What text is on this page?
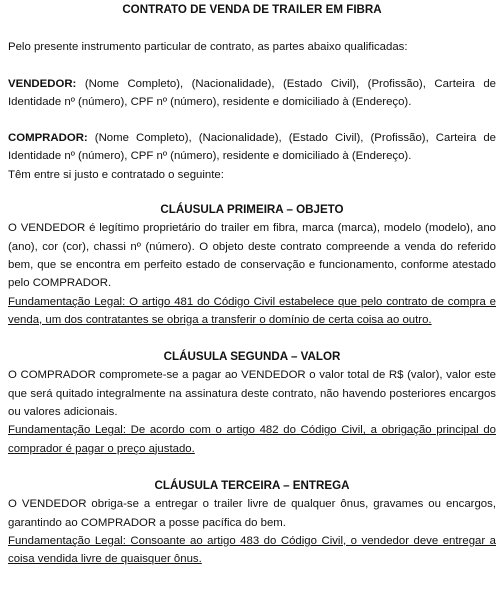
CONTRATO DE VENDA DE TRAILER EM FIBRA

Pelo presente instrumento particular de contrato, as partes abaixo qualificadas:

VENDEDOR: (Nome Completo), (Nacionalidade), (Estado Civil), (Profissão), Carteira de Identidade nº (número), CPF nº (número), residente e domiciliado à (Endereço).

COMPRADOR: (Nome Completo), (Nacionalidade), (Estado Civil), (Profissão), Carteira de Identidade nº (número), CPF nº (número), residente e domiciliado à (Endereço).

Têm entre si justo e contratado o seguinte:

CLÁUSULA PRIMEIRA – OBJETO

O VENDEDOR é legítimo proprietário do trailer em fibra, marca (marca), modelo (modelo), ano (ano), cor (cor), chassi nº (número). O objeto deste contrato compreende a venda do referido bem, que se encontra em perfeito estado de conservação e funcionamento, conforme atestado pelo COMPRADOR.

Fundamentação Legal: O artigo 481 do Código Civil estabelece que pelo contrato de compra e venda, um dos contratantes se obriga a transferir o domínio de certa coisa ao outro.

CLÁUSULA SEGUNDA – VALOR

O COMPRADOR compromete-se a pagar ao VENDEDOR o valor total de R$ (valor), valor este que será quitado integralmente na assinatura deste contrato, não havendo posteriores encargos ou valores adicionais.

Fundamentação Legal: De acordo com o artigo 482 do Código Civil, a obrigação principal do comprador é pagar o preço ajustado.

CLÁUSULA TERCEIRA – ENTREGA

O VENDEDOR obriga-se a entregar o trailer livre de qualquer ônus, gravames ou encargos, garantindo ao COMPRADOR a posse pacífica do bem.

Fundamentação Legal: Consoante ao artigo 483 do Código Civil, o vendedor deve entregar a coisa vendida livre de quaisquer ônus.
